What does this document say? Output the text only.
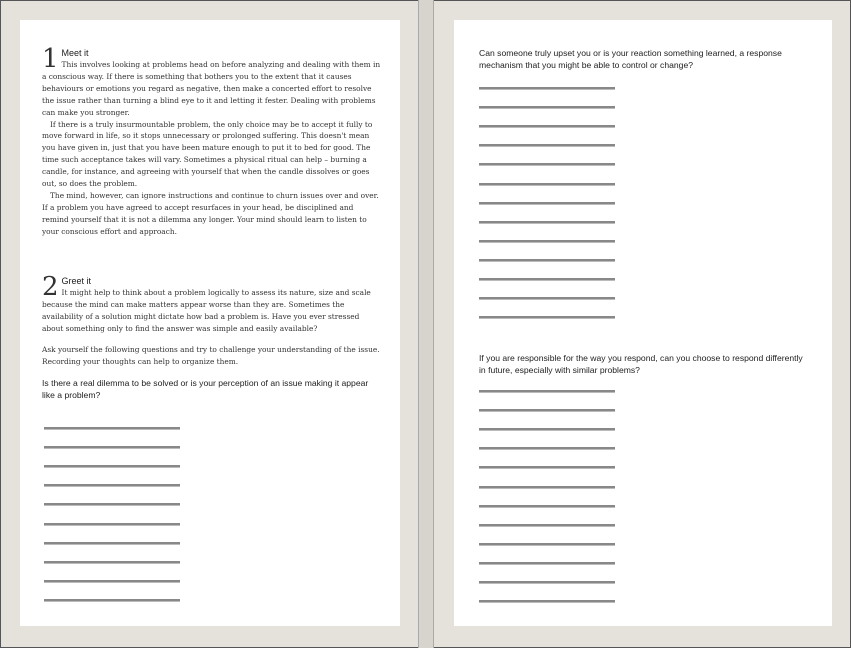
1 Meet it

This involves looking at problems head on before analyzing and dealing with them in a conscious way. If there is something that bothers you to the extent that it causes behaviours or emotions you regard as negative, then make a concerted effort to resolve the issue rather than turning a blind eye to it and letting it fester. Dealing with problems can make you stronger.

If there is a truly insurmountable problem, the only choice may be to accept it fully to move forward in life, so it stops unnecessary or prolonged suffering. This doesn't mean you have given in, just that you have been mature enough to put it to bed for good. The time such acceptance takes will vary. Sometimes a physical ritual can help – burning a candle, for instance, and agreeing with yourself that when the candle dissolves or goes out, so does the problem.

The mind, however, can ignore instructions and continue to churn issues over and over. If a problem you have agreed to accept resurfaces in your head, be disciplined and remind yourself that it is not a dilemma any longer. Your mind should learn to listen to your conscious effort and approach.

2 Greet it

It might help to think about a problem logically to assess its nature, size and scale because the mind can make matters appear worse than they are. Sometimes the availability of a solution might dictate how bad a problem is. Have you ever stressed about something only to find the answer was simple and easily available?

Ask yourself the following questions and try to challenge your understanding of the issue. Recording your thoughts can help to organize them.

Is there a real dilemma to be solved or is your perception of an issue making it appear like a problem?

Can someone truly upset you or is your reaction something learned, a response mechanism that you might be able to control or change?

If you are responsible for the way you respond, can you choose to respond differently in future, especially with similar problems?
